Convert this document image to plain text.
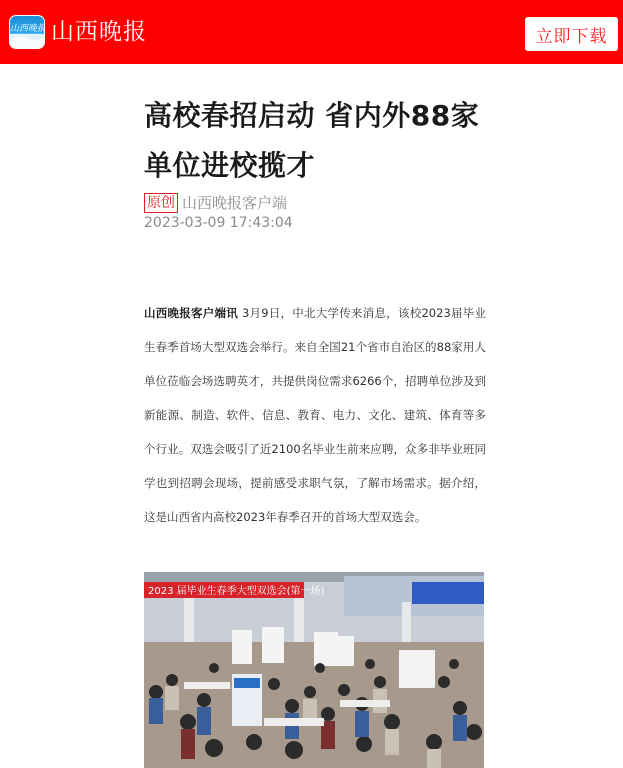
山西晚报 山西晚报	立即下载
高校春招启动 省内外88家单位进校揽才
原创 山西晚报客户端
2023-03-09 17:43:04

山西晚报客户端讯 3月9日，中北大学传来消息，该校2023届毕业生春季首场大型双选会举行。来自全国21个省市自治区的88家用人单位莅临会场选聘英才，共提供岗位需求6266个，招聘单位涉及到新能源、制造、软件、信息、教育、电力、文化、建筑、体育等多个行业。双选会吸引了近2100名毕业生前来应聘，众多非毕业班同学也到招聘会现场，提前感受求职气氛，了解市场需求。据介绍，这是山西省内高校2023年春季召开的首场大型双选会。

2023 届毕业生春季大型双选会(第一场)
